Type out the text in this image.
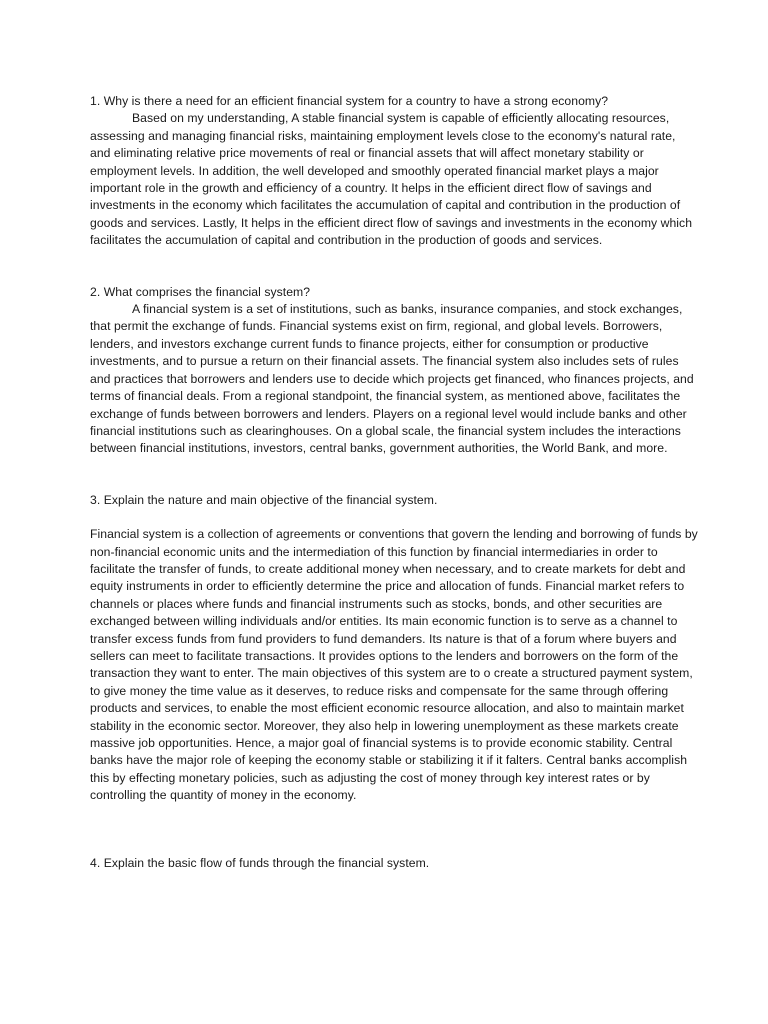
1. Why is there a need for an efficient financial system for a country to have a strong economy?

Based on my understanding, A stable financial system is capable of efficiently allocating resources, assessing and managing financial risks, maintaining employment levels close to the economy's natural rate, and eliminating relative price movements of real or financial assets that will affect monetary stability or employment levels. In addition, the well developed and smoothly operated financial market plays a major important role in the growth and efficiency of a country. It helps in the efficient direct flow of savings and investments in the economy which facilitates the accumulation of capital and contribution in the production of goods and services. Lastly, It helps in the efficient direct flow of savings and investments in the economy which facilitates the accumulation of capital and contribution in the production of goods and services.

2. What comprises the financial system?

A financial system is a set of institutions, such as banks, insurance companies, and stock exchanges, that permit the exchange of funds. Financial systems exist on firm, regional, and global levels. Borrowers, lenders, and investors exchange current funds to finance projects, either for consumption or productive investments, and to pursue a return on their financial assets. The financial system also includes sets of rules and practices that borrowers and lenders use to decide which projects get financed, who finances projects, and terms of financial deals. From a regional standpoint, the financial system, as mentioned above, facilitates the exchange of funds between borrowers and lenders. Players on a regional level would include banks and other financial institutions such as clearinghouses. On a global scale, the financial system includes the interactions between financial institutions, investors, central banks, government authorities, the World Bank, and more.

3. Explain the nature and main objective of the financial system.

Financial system is a collection of agreements or conventions that govern the lending and borrowing of funds by non-financial economic units and the intermediation of this function by financial intermediaries in order to facilitate the transfer of funds, to create additional money when necessary, and to create markets for debt and equity instruments in order to efficiently determine the price and allocation of funds. Financial market refers to channels or places where funds and financial instruments such as stocks, bonds, and other securities are exchanged between willing individuals and/or entities. Its main economic function is to serve as a channel to transfer excess funds from fund providers to fund demanders. Its nature is that of a forum where buyers and sellers can meet to facilitate transactions. It provides options to the lenders and borrowers on the form of the transaction they want to enter. The main objectives of this system are to o create a structured payment system, to give money the time value as it deserves, to reduce risks and compensate for the same through offering products and services, to enable the most efficient economic resource allocation, and also to maintain market stability in the economic sector. Moreover, they also help in lowering unemployment as these markets create massive job opportunities. Hence, a major goal of financial systems is to provide economic stability. Central banks have the major role of keeping the economy stable or stabilizing it if it falters. Central banks accomplish this by effecting monetary policies, such as adjusting the cost of money through key interest rates or by controlling the quantity of money in the economy.

4. Explain the basic flow of funds through the financial system.
